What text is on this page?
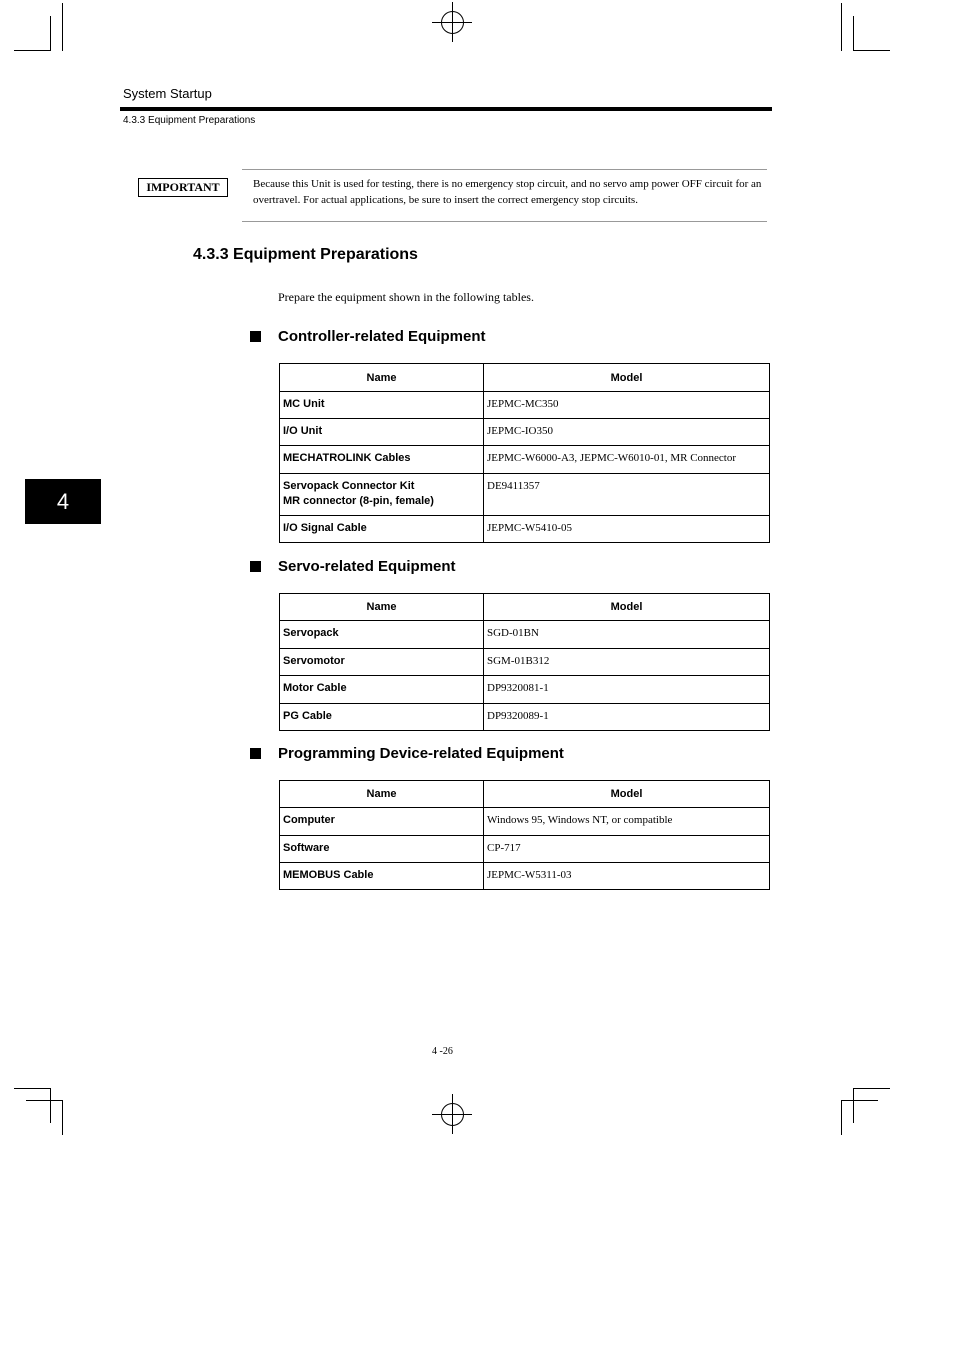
System Startup
4.3.3 Equipment Preparations
IMPORTANT	Because this Unit is used for testing, there is no emergency stop circuit, and no servo amp power OFF circuit for an overtravel. For actual applications, be sure to insert the correct emergency stop circuits.
4.3.3 Equipment Preparations
Prepare the equipment shown in the following tables.
Controller-related Equipment
Name	Model
MC Unit	JEPMC-MC350
I/O Unit	JEPMC-IO350
MECHATROLINK Cables	JEPMC-W6000-A3, JEPMC-W6010-01, MR Connector

Servopack Connector Kit
MR connector (8-pin, female)	DE9411357
I/O Signal Cable	JEPMC-W5410-05
4
Servo-related Equipment
Name	Model
Servopack	SGD-01BN
Servomotor	SGM-01B312
Motor Cable	DP9320081-1
PG Cable	DP9320089-1
Programming Device-related Equipment
Name	Model
Computer	Windows 95, Windows NT, or compatible
Software	CP-717
MEMOBUS Cable	JEPMC-W5311-03
4 -26
